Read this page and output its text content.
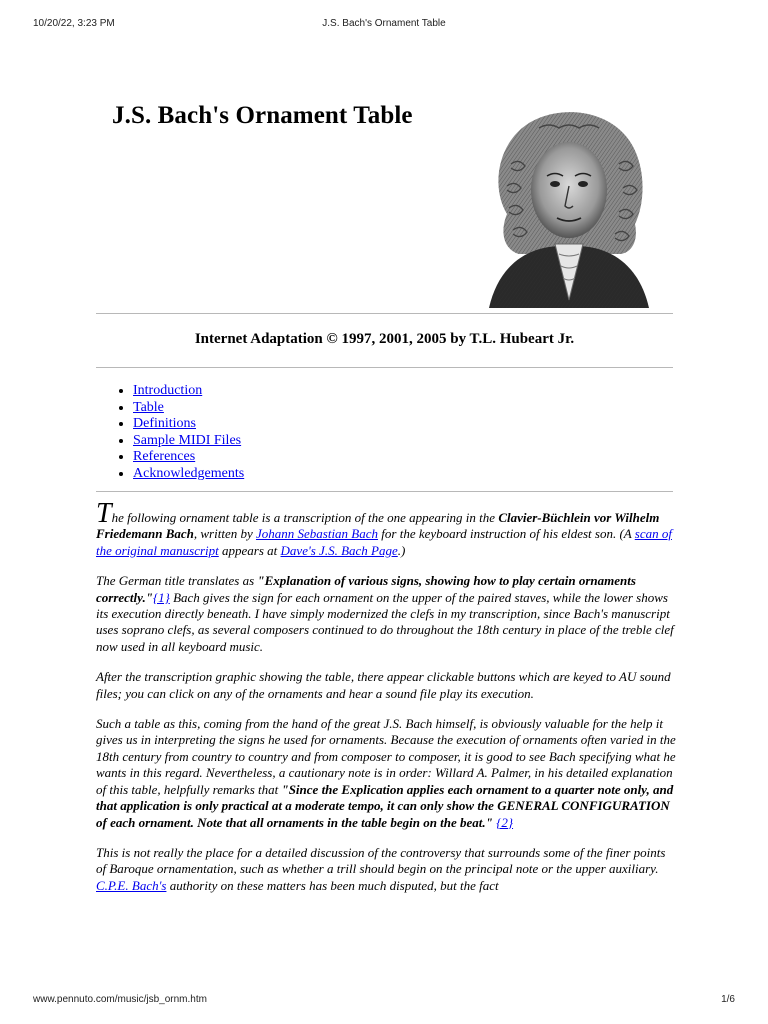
10/20/22, 3:23 PM	J.S. Bach's Ornament Table
J.S. Bach's Ornament Table
Internet Adaptation © 1997, 2001, 2005 by T.L. Hubeart Jr.
• Introduction
• Table
• Definitions
• Sample MIDI Files
• References
• Acknowledgements

The following ornament table is a transcription of the one appearing in the Clavier-Büchlein vor Wilhelm Friedemann Bach, written by Johann Sebastian Bach for the keyboard instruction of his eldest son. (A scan of the original manuscript appears at Dave's J.S. Bach Page.)

The German title translates as "Explanation of various signs, showing how to play certain ornaments correctly."{1} Bach gives the sign for each ornament on the upper of the paired staves, while the lower shows its execution directly beneath. I have simply modernized the clefs in my transcription, since Bach's manuscript uses soprano clefs, as several composers continued to do throughout the 18th century in place of the treble clef now used in all keyboard music.

After the transcription graphic showing the table, there appear clickable buttons which are keyed to AU sound files; you can click on any of the ornaments and hear a sound file play its execution.

Such a table as this, coming from the hand of the great J.S. Bach himself, is obviously valuable for the help it gives us in interpreting the signs he used for ornaments. Because the execution of ornaments often varied in the 18th century from country to country and from composer to composer, it is good to see Bach specifying what he wants in this regard. Nevertheless, a cautionary note is in order: Willard A. Palmer, in his detailed explanation of this table, helpfully remarks that "Since the Explication applies each ornament to a quarter note only, and that application is only practical at a moderate tempo, it can only show the GENERAL CONFIGURATION of each ornament. Note that all ornaments in the table begin on the beat." {2}

This is not really the place for a detailed discussion of the controversy that surrounds some of the finer points of Baroque ornamentation, such as whether a trill should begin on the principal note or the upper auxiliary. C.P.E. Bach's authority on these matters has been much disputed, but the fact

www.pennuto.com/music/jsb_ornm.htm	1/6
